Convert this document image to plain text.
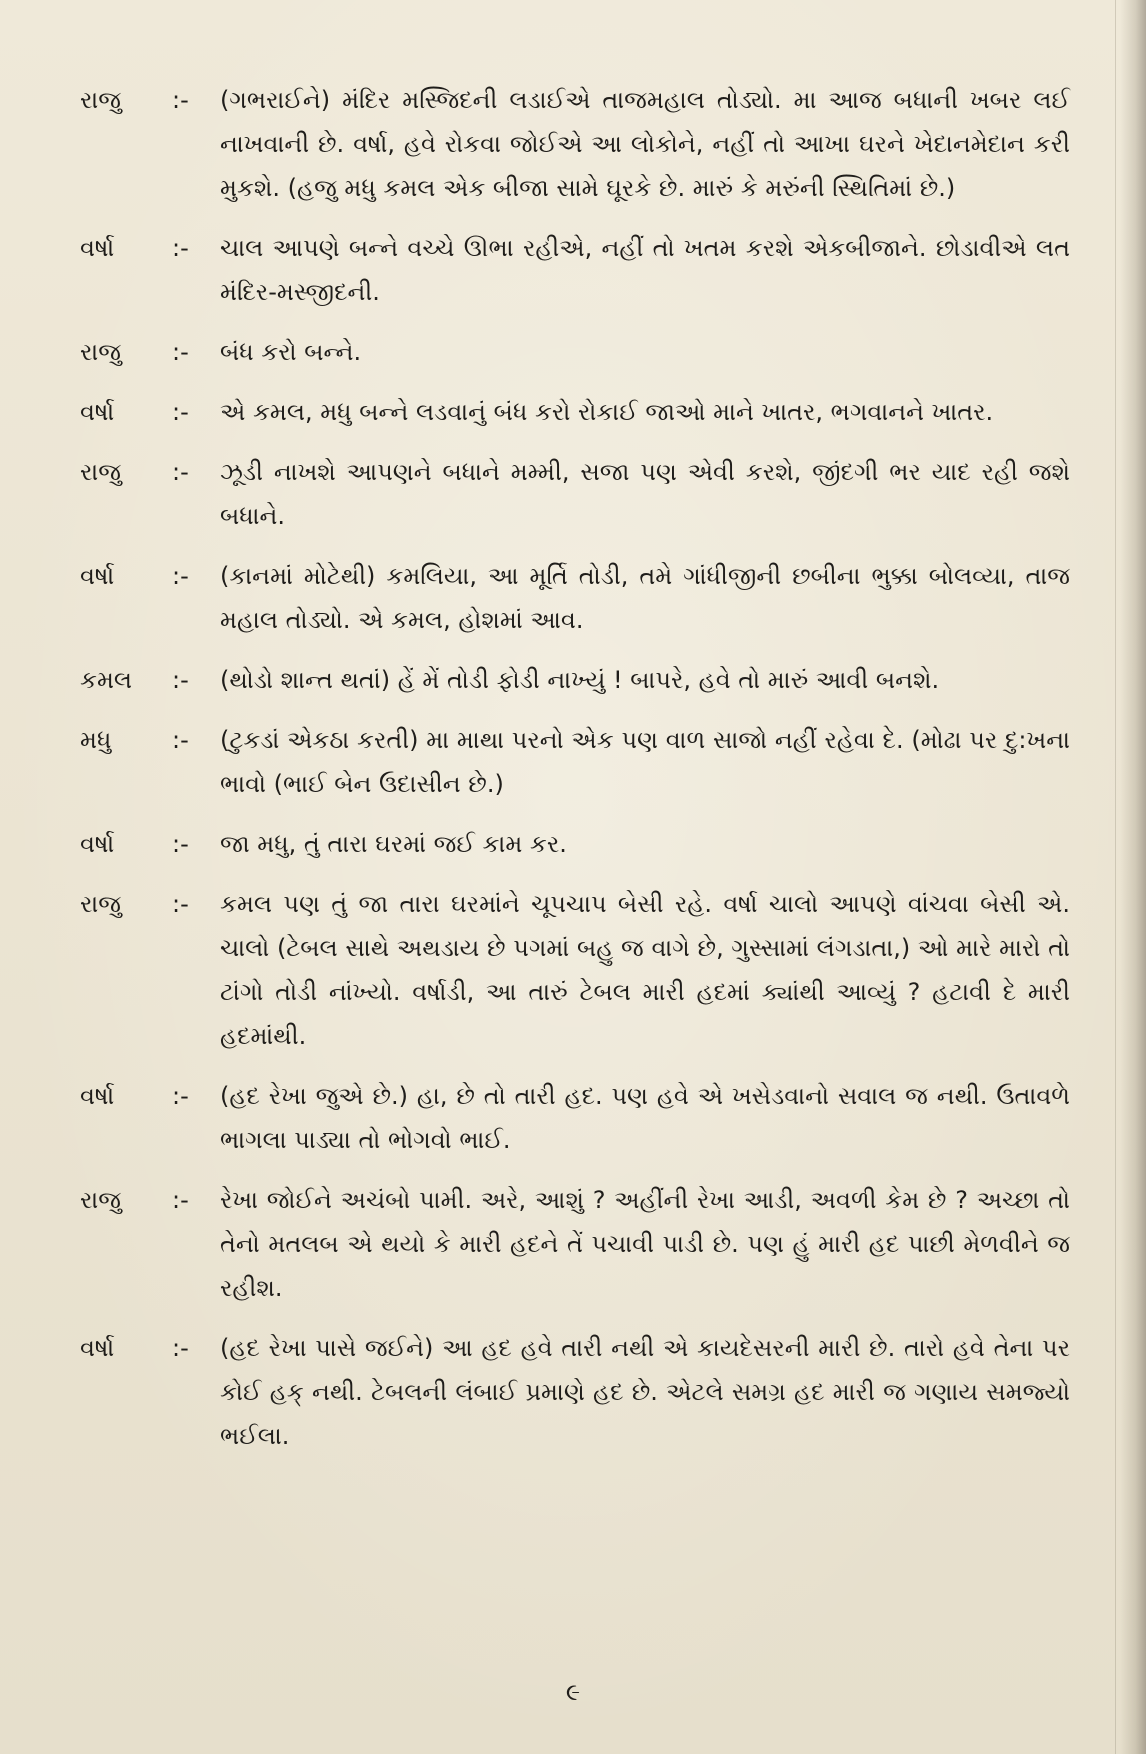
રાજુ	:-	(ગભરાઈને) મંદિર મસ્જિદની લડાઈએ તાજમહાલ તોડ્યો. મા આજ બધાની ખબર લઈ નાખવાની છે. વર્ષા, હવે રોકવા જોઈએ આ લોકોને, નહીં તો આખા ઘરને ખેદાનમેદાન કરી મુકશે. (હજુ મધુ કમલ એક બીજા સામે ઘૂરકે છે. મારું કે મરુંની સ્થિતિમાં છે.)
વર્ષા	:-	ચાલ આપણે બન્ને વચ્ચે ઊભા રહીએ, નહીં તો ખતમ કરશે એકબીજાને. છોડાવીએ લત મંદિર-મસ્જીદની.
રાજુ	:-	બંધ કરો બન્ને.
વર્ષા	:-	એ કમલ, મધુ બન્ને લડવાનું બંધ કરો રોકાઈ જાઓ માને ખાતર, ભગવાનને ખાતર.
રાજુ	:-	ઝૂડી નાખશે આપણને બધાને મમ્મી, સજા પણ એવી કરશે, જીંદગી ભર યાદ રહી જશે બધાને.
વર્ષા	:-	(કાનમાં મોટેથી) કમલિયા, આ મૂર્તિ તોડી, તમે ગાંધીજીની છબીના ભુક્કા બોલવ્યા, તાજ મહાલ તોડ્યો. એ કમલ, હોશમાં આવ.
કમલ	:-	(થોડો શાન્ત થતાં) હેં મેં તોડી ફોડી નાખ્યું ! બાપરે, હવે તો મારું આવી બનશે.
મધુ	:-	(ટુકડાં એકઠા કરતી) મા માથા પરનો એક પણ વાળ સાજો નહીં રહેવા દે. (મોઢા પર દુ:ખના ભાવો (ભાઈ બેન ઉદાસીન છે.)
વર્ષા	:-	જા મધુ, તું તારા ઘરમાં જઈ કામ કર.
રાજુ	:-	કમલ પણ તું જા તારા ઘરમાંને ચૂપચાપ બેસી રહે. વર્ષા ચાલો આપણે વાંચવા બેસી એ. ચાલો (ટેબલ સાથે અથડાય છે પગમાં બહુ જ વાગે છે, ગુસ્સામાં લંગડાતા,) ઓ મારે મારો તો ટાંગો તોડી નાંખ્યો. વર્ષાડી, આ તારું ટેબલ મારી હદમાં ક્યાંથી આવ્યું ? હટાવી દે મારી હદમાંથી.
વર્ષા	:-	(હદ રેખા જુએ છે.) હા, છે તો તારી હદ. પણ હવે એ ખસેડવાનો સવાલ જ નથી. ઉતાવળે ભાગલા પાડ્યા તો ભોગવો ભાઈ.
રાજુ	:-	રેખા જોઈને અચંબો પામી. અરે, આશું ? અહીંની રેખા આડી, અવળી કેમ છે ? અચ્છા તો તેનો મતલબ એ થયો કે મારી હદને તેં પચાવી પાડી છે. પણ હું મારી હદ પાછી મેળવીને જ રહીશ.
વર્ષા	:-	(હદ રેખા પાસે જઈને) આ હદ હવે તારી નથી એ કાયદેસરની મારી છે. તારો હવે તેના પર કોઈ હક્ નથી. ટેબલની લંબાઈ પ્રમાણે હદ છે. એટલે સમગ્ર હદ મારી જ ગણાય સમજ્યો ભઈલા.
૯
